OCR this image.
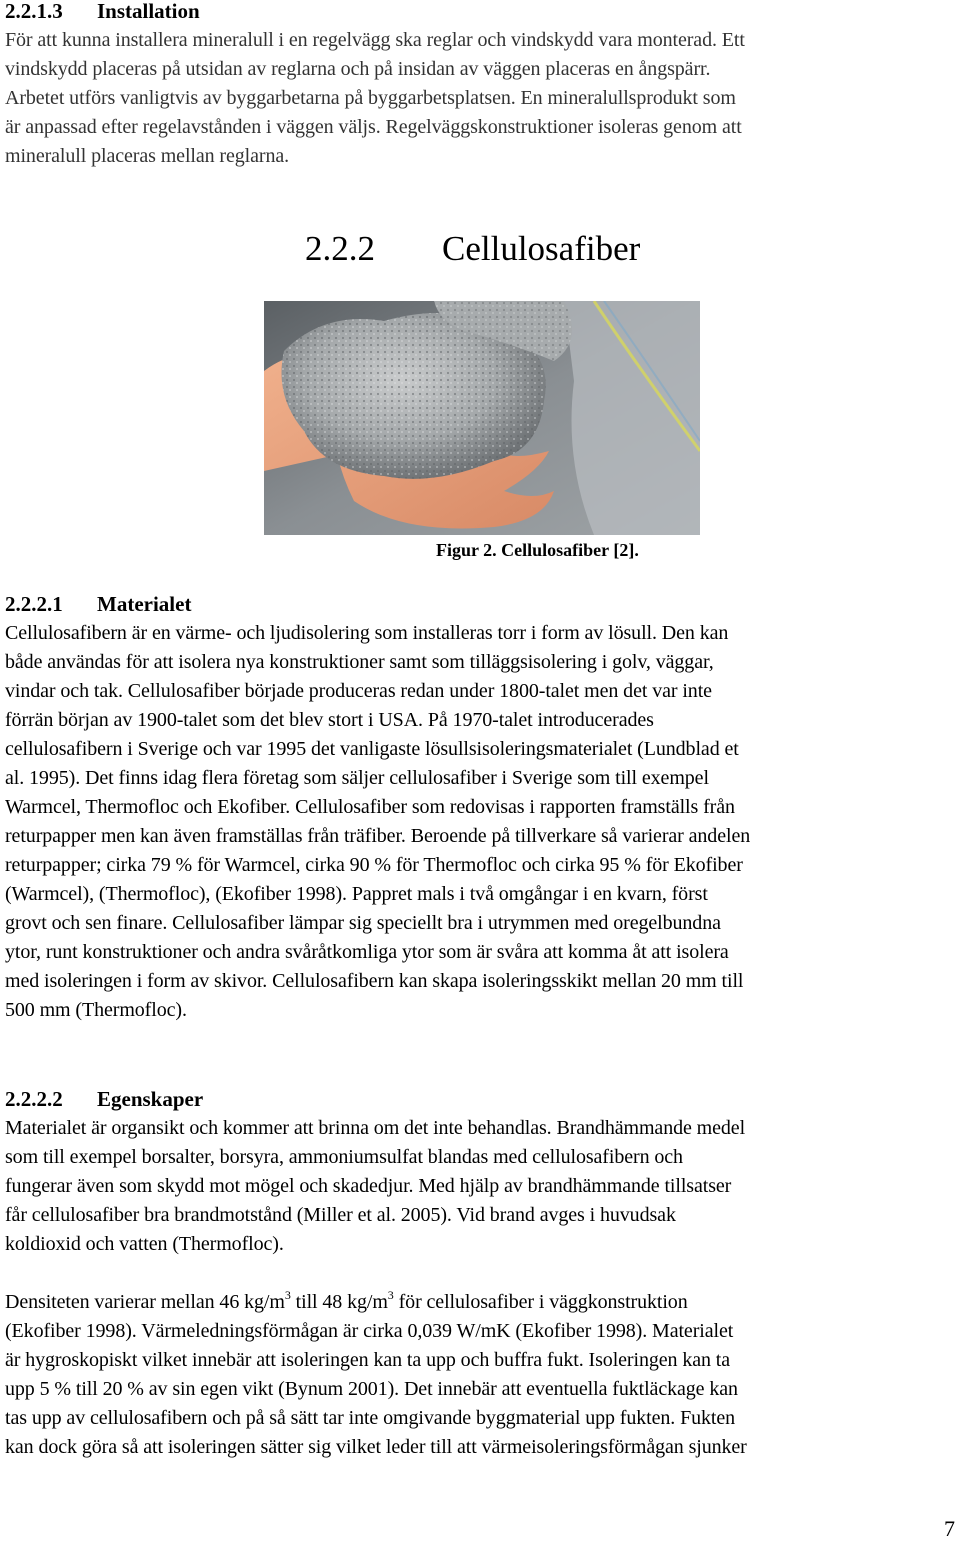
2.2.1.3 Installation

För att kunna installera mineralull i en regelvägg ska reglar och vindskydd vara monterad. Ett
vindskydd placeras på utsidan av reglarna och på insidan av väggen placeras en ångspärr.
Arbetet utförs vanligtvis av byggarbetarna på byggarbetsplatsen. En mineralullsprodukt som
är anpassad efter regelavstånden i väggen väljs. Regelväggskonstruktioner isoleras genom att
mineralull placeras mellan reglarna.

2.2.2 Cellulosafiber
Figur 2. Cellulosafiber [2].
2.2.2.1 Materialet

Cellulosafibern är en värme- och ljudisolering som installeras torr i form av lösull. Den kan
både användas för att isolera nya konstruktioner samt som tilläggsisolering i golv, väggar,
vindar och tak. Cellulosafiber började produceras redan under 1800-talet men det var inte
förrän början av 1900-talet som det blev stort i USA. På 1970-talet introducerades
cellulosafibern i Sverige och var 1995 det vanligaste lösullsisoleringsmaterialet (Lundblad et
al. 1995). Det finns idag flera företag som säljer cellulosafiber i Sverige som till exempel
Warmcel, Thermofloc och Ekofiber. Cellulosafiber som redovisas i rapporten framställs från
returpapper men kan även framställas från träfiber. Beroende på tillverkare så varierar andelen
returpapper; cirka 79 % för Warmcel, cirka 90 % för Thermofloc och cirka 95 % för Ekofiber
(Warmcel), (Thermofloc), (Ekofiber 1998). Pappret mals i två omgångar i en kvarn, först
grovt och sen finare. Cellulosafiber lämpar sig speciellt bra i utrymmen med oregelbundna
ytor, runt konstruktioner och andra svåråtkomliga ytor som är svåra att komma åt att isolera
med isoleringen i form av skivor. Cellulosafibern kan skapa isoleringsskikt mellan 20 mm till
500 mm (Thermofloc).

2.2.2.2 Egenskaper

Materialet är organsikt och kommer att brinna om det inte behandlas. Brandhämmande medel
som till exempel borsalter, borsyra, ammoniumsulfat blandas med cellulosafibern och
fungerar även som skydd mot mögel och skadedjur. Med hjälp av brandhämmande tillsatser
får cellulosafiber bra brandmotstånd (Miller et al. 2005). Vid brand avges i huvudsak
koldioxid och vatten (Thermofloc).

Densiteten varierar mellan 46 $kg/m^3$ till 48 $kg/m^3$ för cellulosafiber i väggkonstruktion
(Ekofiber 1998). Värmeledningsförmågan är cirka 0,039 W/mK (Ekofiber 1998). Materialet
är hygroskopiskt vilket innebär att isoleringen kan ta upp och buffra fukt. Isoleringen kan ta
upp 5 % till 20 % av sin egen vikt (Bynum 2001). Det innebär att eventuella fuktläckage kan
tas upp av cellulosafibern och på så sätt tar inte omgivande byggmaterial upp fukten. Fukten
kan dock göra så att isoleringen sätter sig vilket leder till att värmeisoleringsförmågan sjunker

7
